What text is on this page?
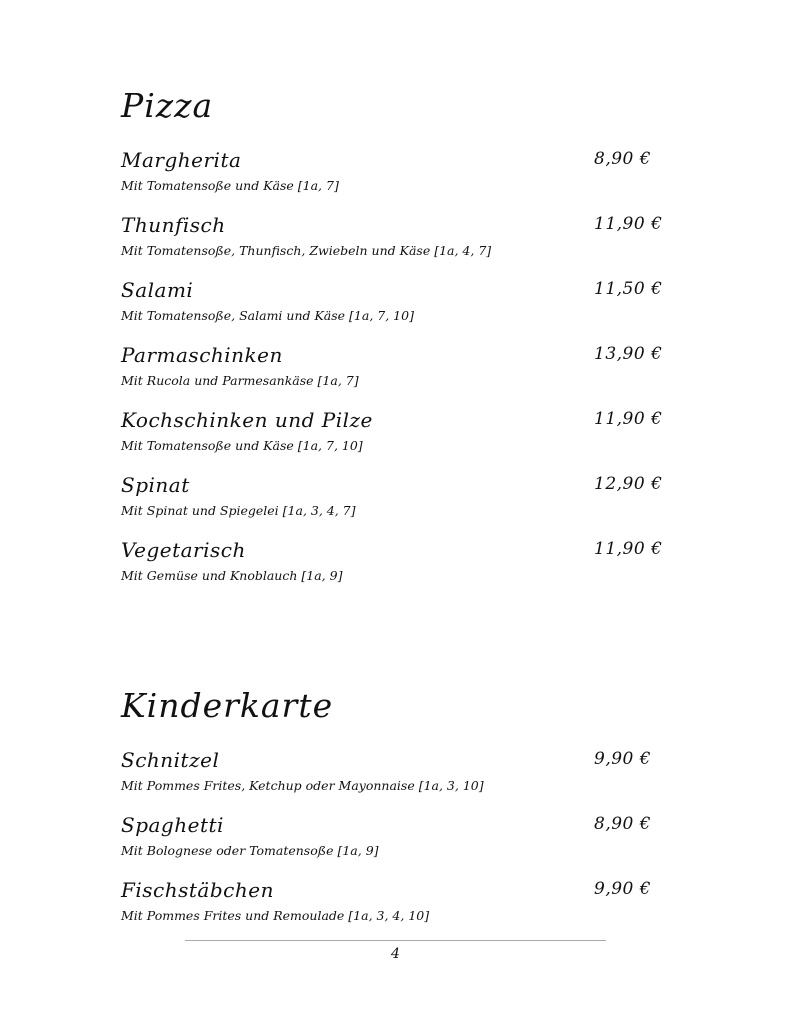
Pizza
Margherita	8,90 €
Mit Tomatensoße und Käse [1a, 7]
Thunfisch	11,90 €
Mit Tomatensoße, Thunfisch, Zwiebeln und Käse [1a, 4, 7]
Salami	11,50 €
Mit Tomatensoße, Salami und Käse [1a, 7, 10]
Parmaschinken	13,90 €
Mit Rucola und Parmesankäse [1a, 7]
Kochschinken und Pilze	11,90 €
Mit Tomatensoße und Käse [1a, 7, 10]
Spinat	12,90 €
Mit Spinat und Spiegelei [1a, 3, 4, 7]
Vegetarisch	11,90 €
Mit Gemüse und Knoblauch [1a, 9]
Kinderkarte
Schnitzel	9,90 €
Mit Pommes Frites, Ketchup oder Mayonnaise [1a, 3, 10]
Spaghetti	8,90 €
Mit Bolognese oder Tomatensoße [1a, 9]
Fischstäbchen	9,90 €
Mit Pommes Frites und Remoulade [1a, 3, 4, 10]
4
